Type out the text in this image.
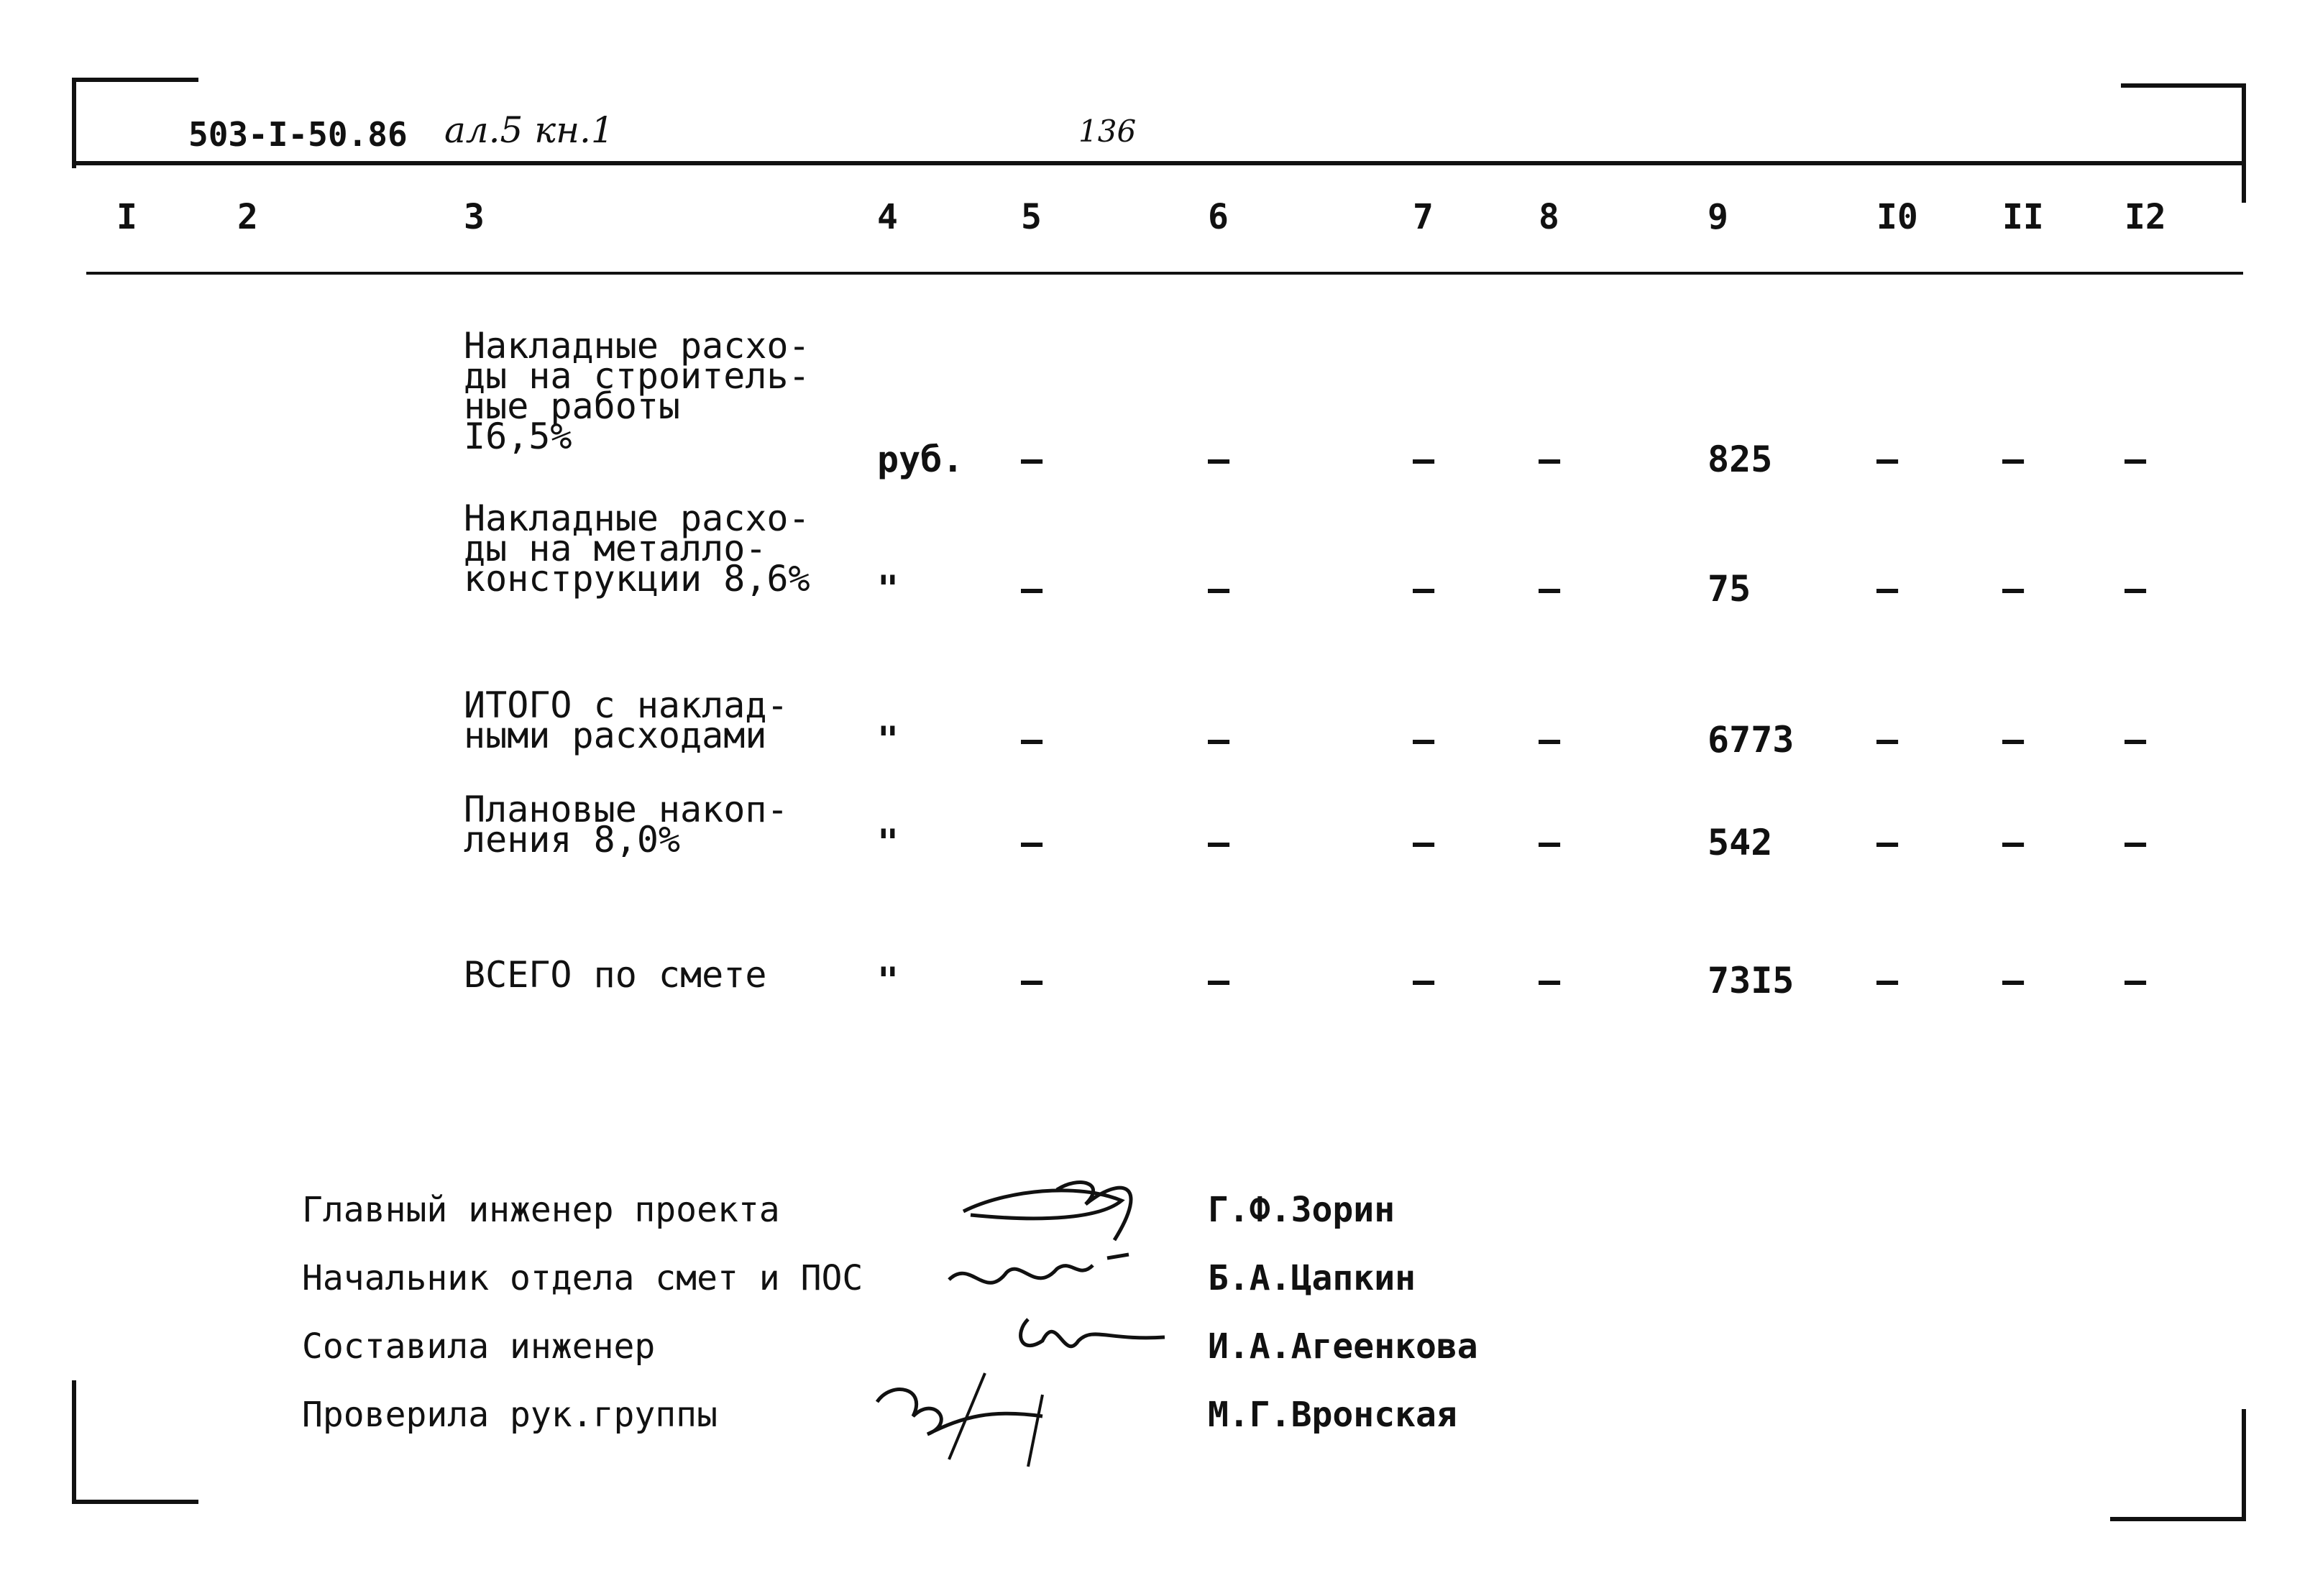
503-I-50.86 ал.5 кн.1	136
I	2	3	4	5	6	7	8	9	I0 II I2
Накладные расхо-
ды на строитель-
ные работы
I6,5%
руб. –	–	–	–	825	–	–	–
Накладные расхо-
ды на металло-
конструкции 8,6% "	–	–	–	–	75	–	–	–
ИТОГО с наклад-
ными расходами	"	–	–	–	–	6773 –	–	–
Плановые накоп-
ления 8,0%	"	–	–	–	–	542	–	–	–
ВСЕГО по смете	"	–	–	–	–	73I5 –	–	–
Главный инженер проекта	Г.Ф.Зорин
Начальник отдела смет и ПОС	Б.А.Цапкин
Составила инженер	И.А.Агеенкова
Проверила рук.группы	М.Г.Вронская
